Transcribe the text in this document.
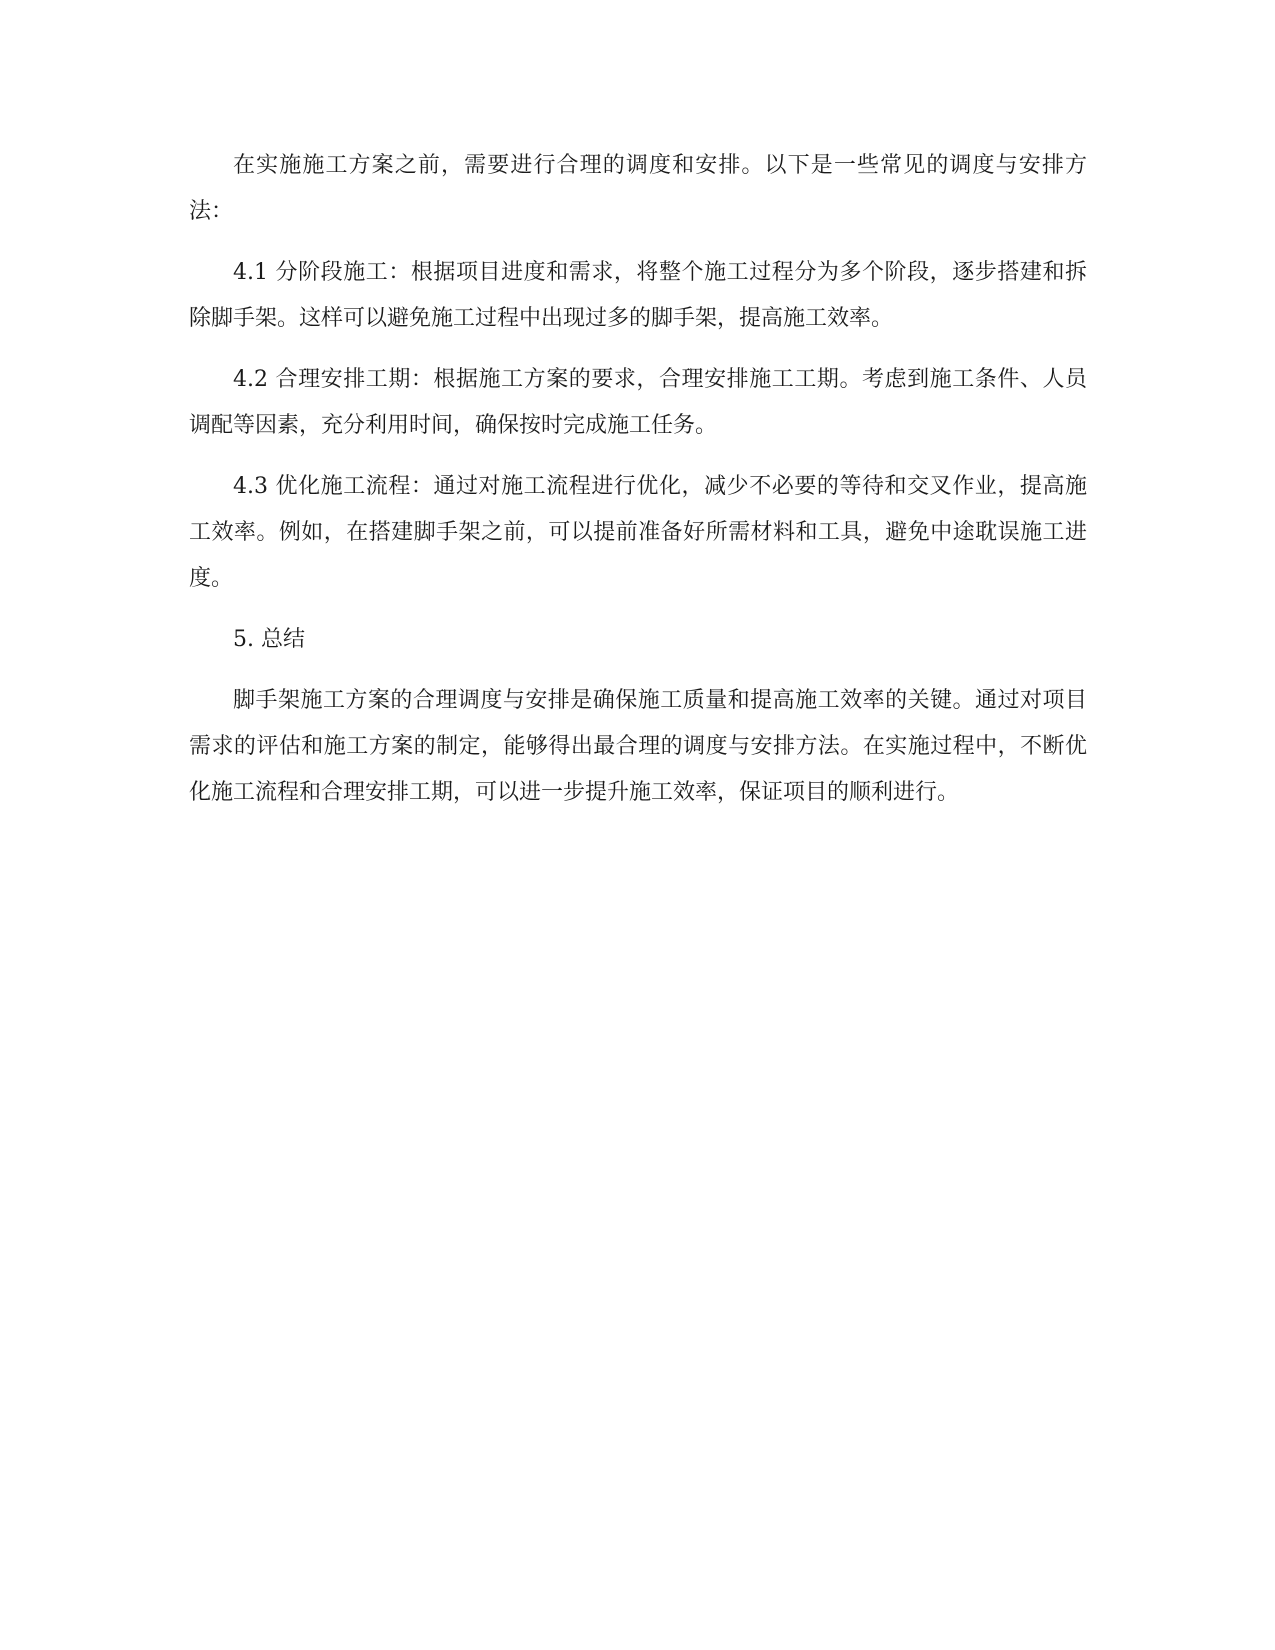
在实施施工方案之前，需要进行合理的调度和安排。以下是一些常见的调度与安排方法：

4.1 分阶段施工：根据项目进度和需求，将整个施工过程分为多个阶段，逐步搭建和拆除脚手架。这样可以避免施工过程中出现过多的脚手架，提高施工效率。

4.2 合理安排工期：根据施工方案的要求，合理安排施工工期。考虑到施工条件、人员调配等因素，充分利用时间，确保按时完成施工任务。

4.3 优化施工流程：通过对施工流程进行优化，减少不必要的等待和交叉作业，提高施工效率。例如，在搭建脚手架之前，可以提前准备好所需材料和工具，避免中途耽误施工进度。

5. 总结

脚手架施工方案的合理调度与安排是确保施工质量和提高施工效率的关键。通过对项目需求的评估和施工方案的制定，能够得出最合理的调度与安排方法。在实施过程中，不断优化施工流程和合理安排工期，可以进一步提升施工效率，保证项目的顺利进行。
